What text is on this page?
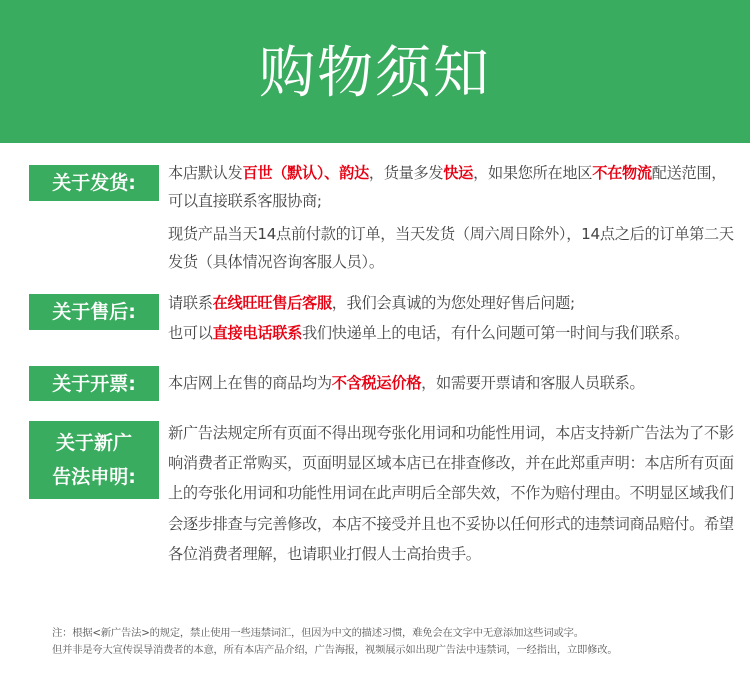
购物须知
关于发货:	本店默认发百世（默认）、韵达，货量多发快运，如果您所在地区不在物流配送范围，可以直接联系客服协商;

现货产品当天14点前付款的订单，当天发货（周六周日除外），14点之后的订单第二天发货（具体情况咨询客服人员）。

关于售后:	请联系在线旺旺售后客服，我们会真诚的为您处理好售后问题;

也可以直接电话联系我们快递单上的电话，有什么问题可第一时间与我们联系。

关于开票:	本店网上在售的商品均为不含税运价格，如需要开票请和客服人员联系。

关于新广
告法申明:

新广告法规定所有页面不得出现夸张化用词和功能性用词，本店支持新广告法为了不影响消费者正常购买，页面明显区域本店已在排查修改，并在此郑重声明：本店所有页面上的夸张化用词和功能性用词在此声明后全部失效，不作为赔付理由。不明显区域我们会逐步排查与完善修改，本店不接受并且也不妥协以任何形式的违禁词商品赔付。希望各位消费者理解，也请职业打假人士高抬贵手。

注：根据<新广告法>的规定，禁止使用一些违禁词汇，但因为中文的描述习惯，难免会在文字中无意添加这些词或字。
但并非是夸大宣传误导消费者的本意，所有本店产品介绍，广告海报，视频展示如出现广告法中违禁词，一经指出，立即修改。
